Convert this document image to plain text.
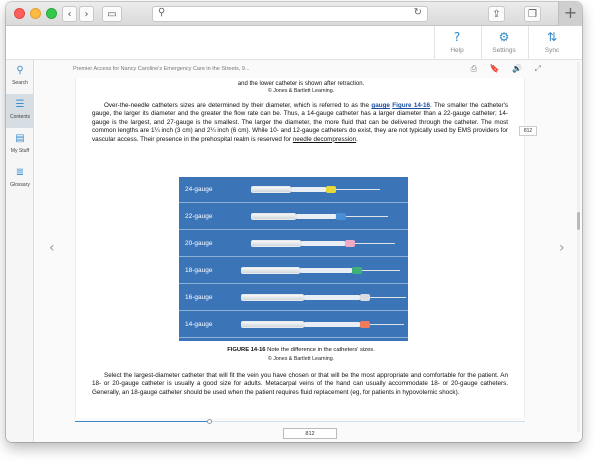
‹ › ▭	⚲	↻	⇪	❐	+
?
Help
⚙
Settings
⇅
Sync
⚲
Search
☰
Contents
▤
My Stuff
≣
Glossary
Premier Access for Nancy Caroline's Emergency Care in the Streets, 9...	⎙ 🔖 🔊 ⤢
‹	›
and the lower catheter is shown after retraction.
© Jones & Bartlett Learning.
Over-the-needle catheters sizes are determined by their diameter, which is referred to as the gauge Figure 14-16. The smaller the catheter's gauge, the larger its diameter and the greater the flow rate can be. Thus, a 14-gauge catheter has a larger diameter than a 22-gauge catheter; 14-gauge is the largest, and 27-gauge is the smallest. The larger the diameter, the more fluid that can be delivered through the catheter. The most common lengths are 1¼ inch (3 cm) and 2¼ inch (6 cm). While 10- and 12-gauge catheters do exist, they are not typically used by EMS providers for vascular access. Their presence in the prehospital realm is reserved for needle decompression.
24-gauge
22-gauge
20-gauge
18-gauge
16-gauge
14-gauge
FIGURE 14-16 Note the difference in the catheters' sizes.
© Jones & Bartlett Learning.
Select the largest-diameter catheter that will fit the vein you have chosen or that will be the most appropriate and comfortable for the patient. An 18- or 20-gauge catheter is usually a good size for adults. Metacarpal veins of the hand can usually accommodate 18- or 20-gauge catheters. Generally, an 18-gauge catheter should be used when the patient requires fluid replacement (eg, for patients in hypovolemic shock).
812
812
